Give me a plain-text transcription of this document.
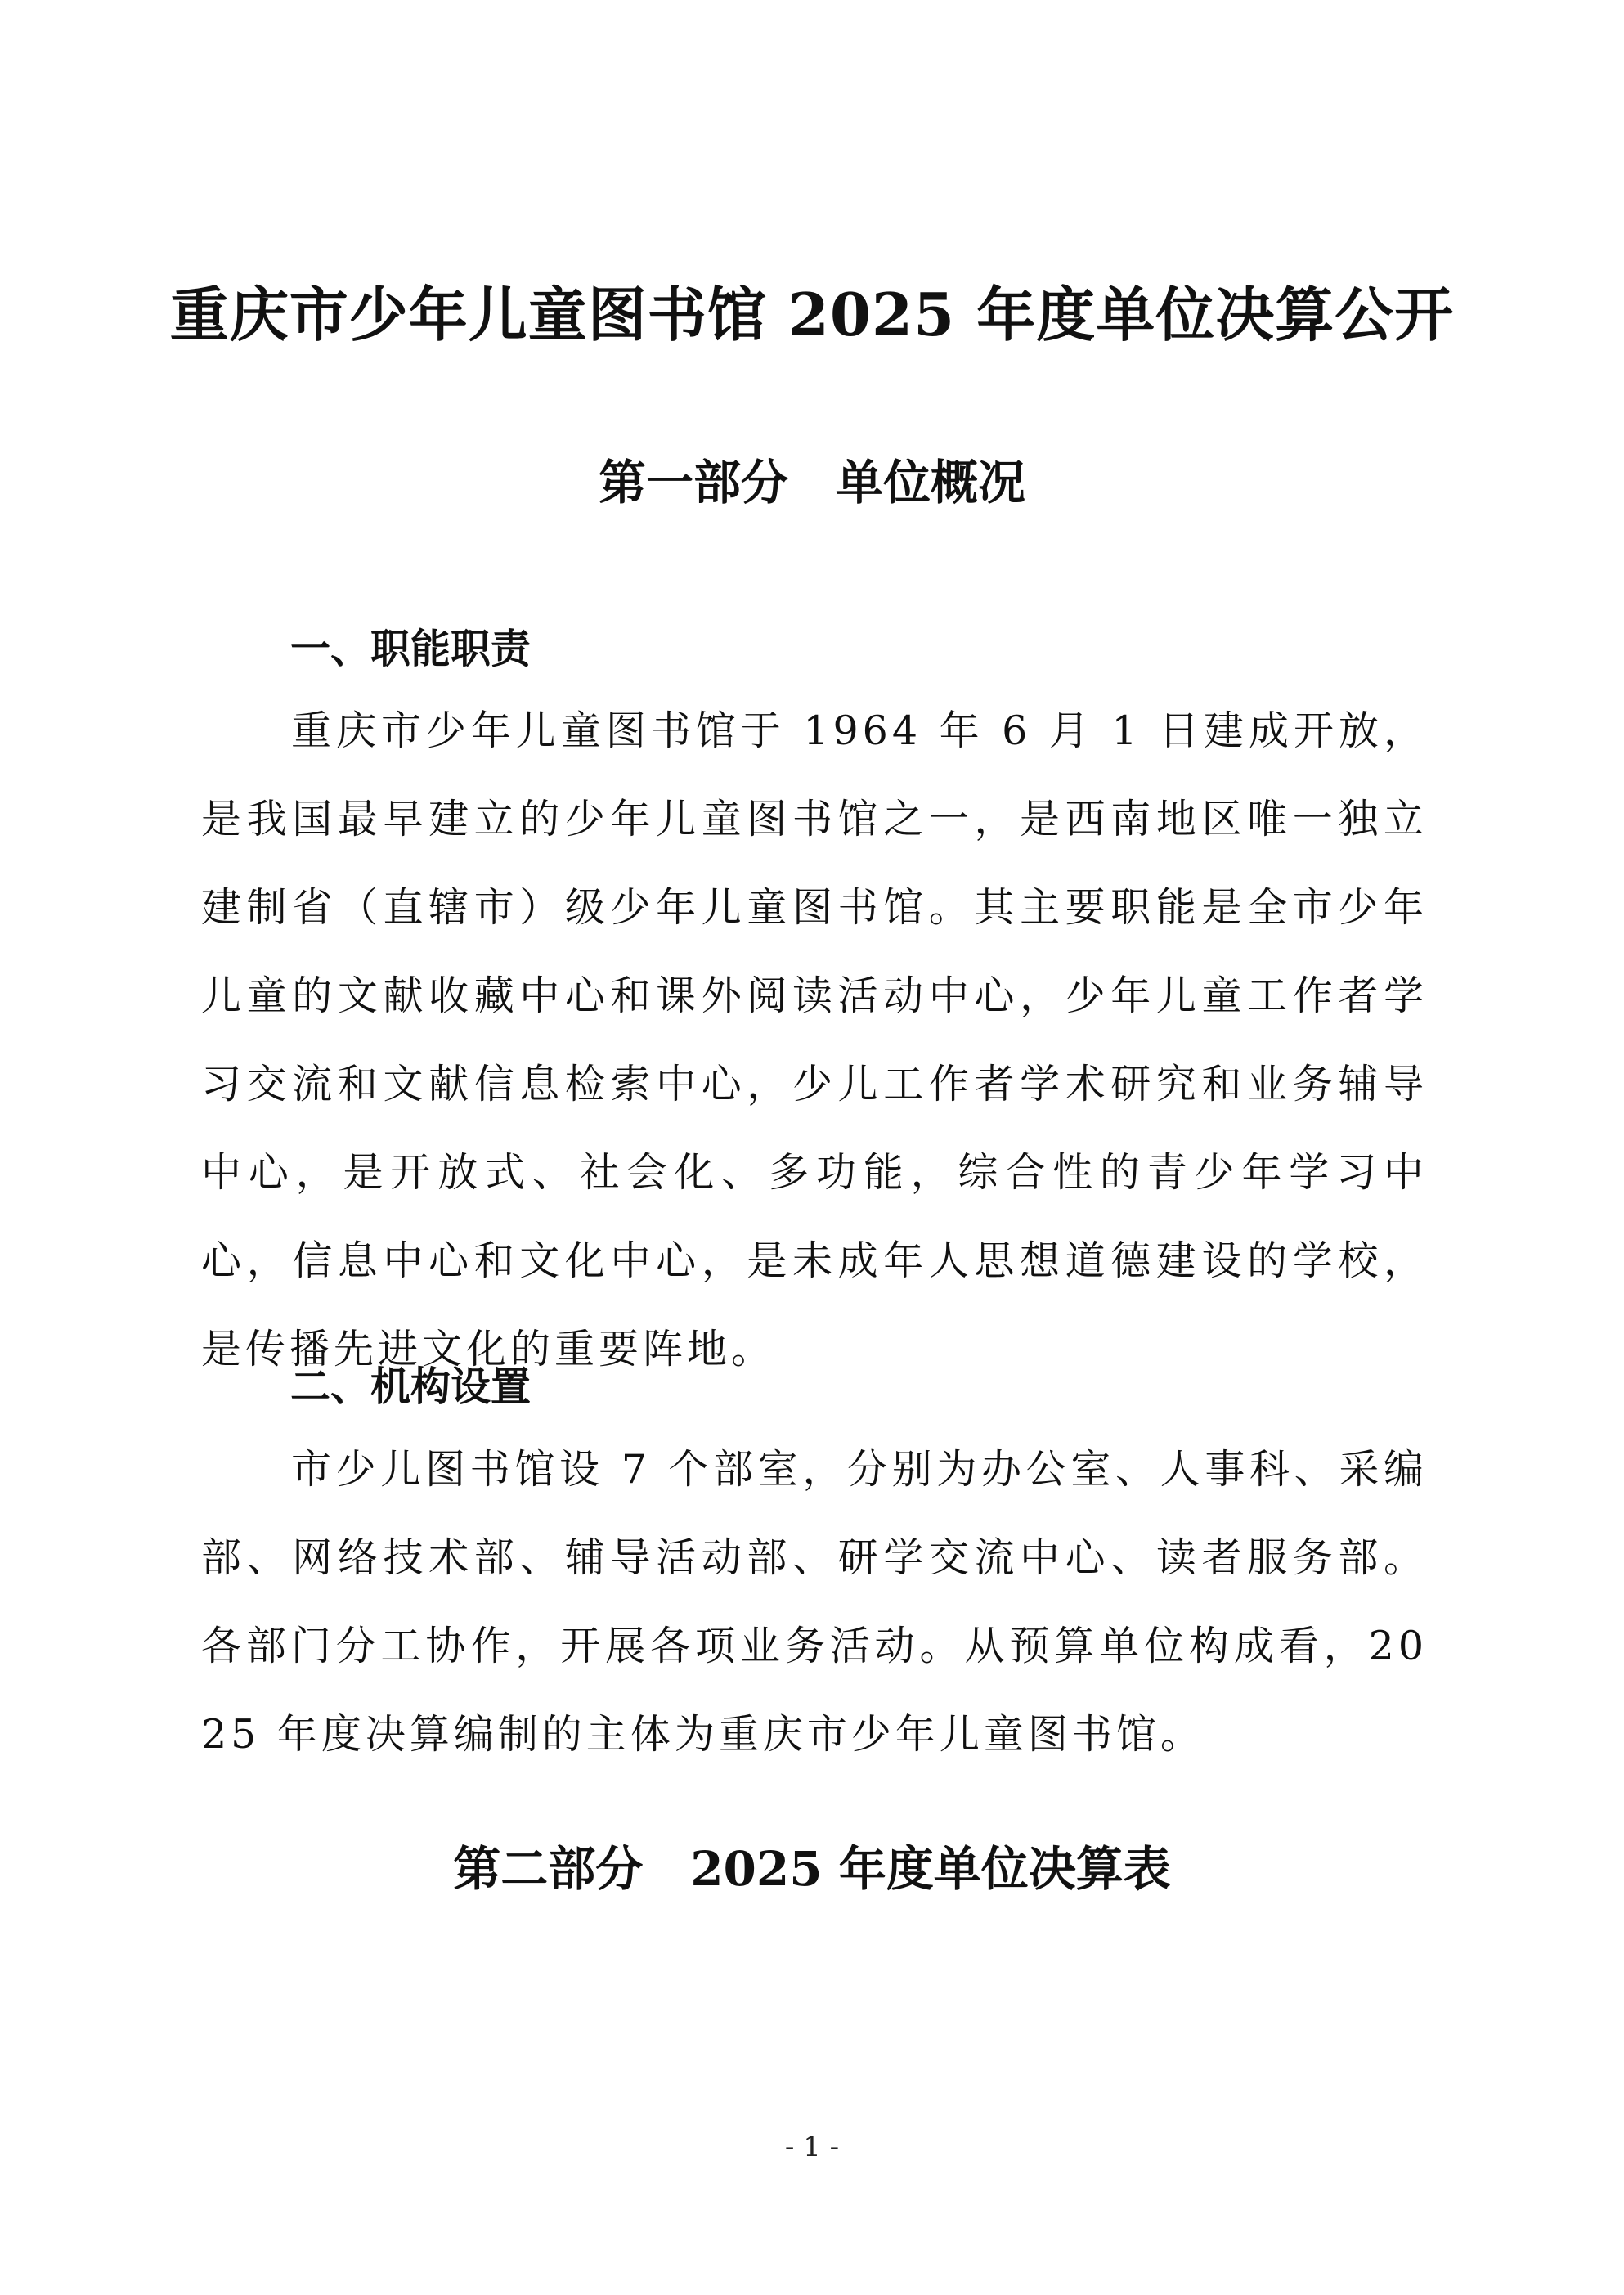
重庆市少年儿童图书馆 2025 年度单位决算公开
第一部分　单位概况
一、职能职责
重庆市少年儿童图书馆于 1964 年 6 月 1 日建成开放，是我国最早建立的少年儿童图书馆之一，是西南地区唯一独立建制省（直辖市）级少年儿童图书馆。其主要职能是全市少年儿童的文献收藏中心和课外阅读活动中心，少年儿童工作者学习交流和文献信息检索中心，少儿工作者学术研究和业务辅导中心，是开放式、社会化、多功能，综合性的青少年学习中心，信息中心和文化中心，是未成年人思想道德建设的学校，是传播先进文化的重要阵地。
二、机构设置
市少儿图书馆设 7 个部室，分别为办公室、人事科、采编部、网络技术部、辅导活动部、研学交流中心、读者服务部。各部门分工协作，开展各项业务活动。从预算单位构成看，2025 年度决算编制的主体为重庆市少年儿童图书馆。
第二部分　2025 年度单位决算表
- 1 -
